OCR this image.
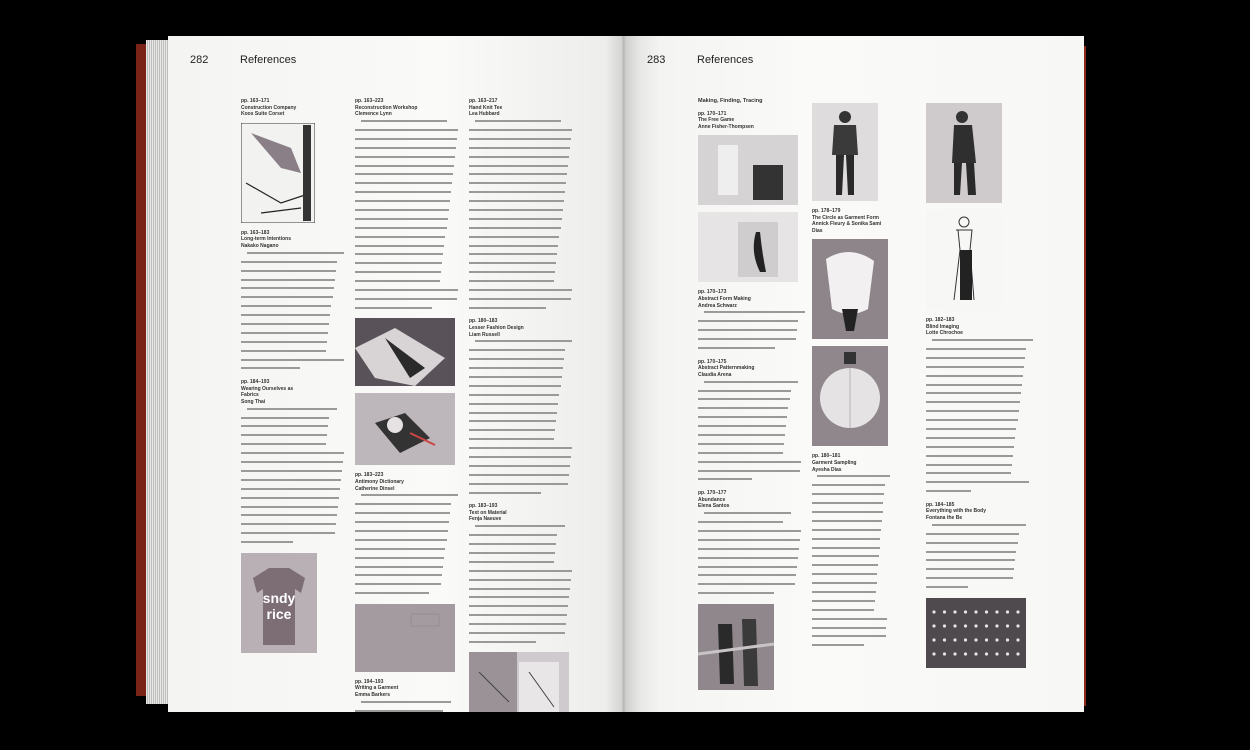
282	References
pp. 163–171
Construction Company
Koos Suite Corset
pp. 163–183
Long-term Intentions
Nakako Nagano
pp. 184–193
Wearing Ourselves as
Fabrics
Song Thai
sndy
rice
pp. 163–223
Reconstruction Workshop
Clemence Lynn
pp. 183–223
Antimony Dictionary
Catherine Dinsel
pp. 194–193
Writing a Garment
Emma Barkers
pp. 163–217
Hand Knit Tee
Lea Hubbard
pp. 180–183
Lesser Fashion Design
Liam Russell
pp. 183–193
Text on Material
Fenja Naeuve
283	References
Making, Finding, Tracing
pp. 170–171
The Free Game
Anne Fisher-Thompsen
pp. 170–173
Abstract Form Making
Andrea Schwarz
pp. 170–175
Abstract Patternmaking
Claudia Arena
pp. 170–177
Abundance
Elena Santos
pp. 178–179
The Circle as Garment Form
Annick Fleury & Sonika Sami
Dias
pp. 180–181
Garment Sampling
Ayesha Dias
pp. 182–183
Blind Imaging
Lotte Chrochoe
pp. 184–185
Everything with the Body
Fontana the Be
